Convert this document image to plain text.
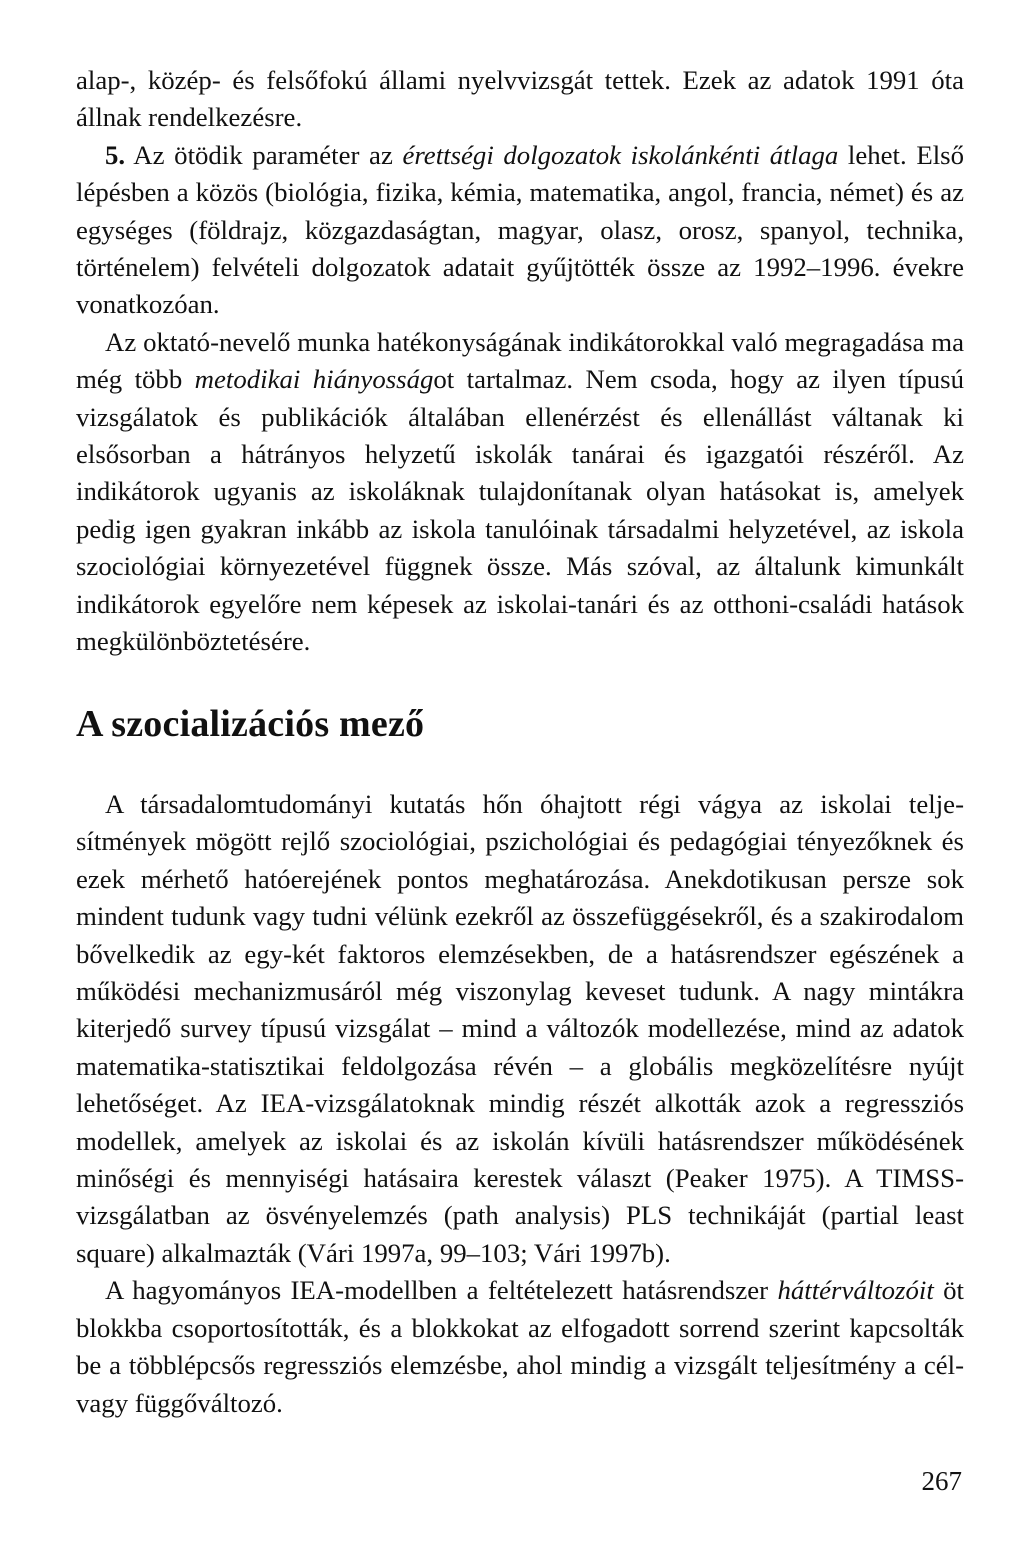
alap-, közép- és felsőfokú állami nyelvvizsgát tettek. Ezek az adatok 1991 óta állnak rendelkezésre.

5. Az ötödik paraméter az érettségi dolgozatok iskolánkénti átlaga lehet. Első lépésben a közös (biológia, fizika, kémia, matematika, angol, francia, német) és az egységes (földrajz, közgazdaságtan, magyar, olasz, orosz, spanyol, technika, történelem) felvételi dolgozatok adatait gyűjtötték össze az 1992–1996. évekre vonatkozóan.

Az oktató-nevelő munka hatékonyságának indikátorokkal való megragadása ma még több metodikai hiányosságot tartalmaz. Nem csoda, hogy az ilyen típusú vizsgálatok és publikációk általában ellenérzést és ellenállást váltanak ki elsősorban a hátrányos helyzetű iskolák tanárai és igazgatói részéről. Az indikátorok ugyanis az iskoláknak tulajdonítanak olyan hatásokat is, amelyek pedig igen gyakran inkább az iskola tanulóinak társadalmi helyzetével, az iskola szociológiai környezetével függnek össze. Más szóval, az általunk kimunkált indikátorok egyelőre nem képesek az iskolai-tanári és az otthoni-családi hatások megkülönböztetésére.

A szocializációs mező

A társadalomtudományi kutatás hőn óhajtott régi vágya az iskolai teljesítmények mögött rejlő szociológiai, pszichológiai és pedagógiai tényezőknek és ezek mérhető hatóerejének pontos meghatározása. Anekdotikusan persze sok mindent tudunk vagy tudni vélünk ezekről az összefüggésekről, és a szakirodalom bővelkedik az egy-két faktoros elemzésekben, de a hatásrendszer egészének a működési mechanizmusáról még viszonylag keveset tudunk. A nagy mintákra kiterjedő survey típusú vizsgálat – mind a változók modellezése, mind az adatok matematika-statisztikai feldolgozása révén – a globális megközelítésre nyújt lehetőséget. Az IEA-vizsgálatoknak mindig részét alkották azok a regressziós modellek, amelyek az iskolai és az iskolán kívüli hatásrendszer működésének minőségi és mennyiségi hatásaira kerestek választ (Peaker 1975). A TIMSS-vizsgálatban az ösvényelemzés (path analysis) PLS technikáját (partial least square) alkalmazták (Vári 1997a, 99–103; Vári 1997b).

A hagyományos IEA-modellben a feltételezett hatásrendszer háttérváltozóit öt blokkba csoportosították, és a blokkokat az elfogadott sorrend szerint kapcsolták be a többlépcsős regressziós elemzésbe, ahol mindig a vizsgált teljesítmény a cél- vagy függőváltozó.

267
